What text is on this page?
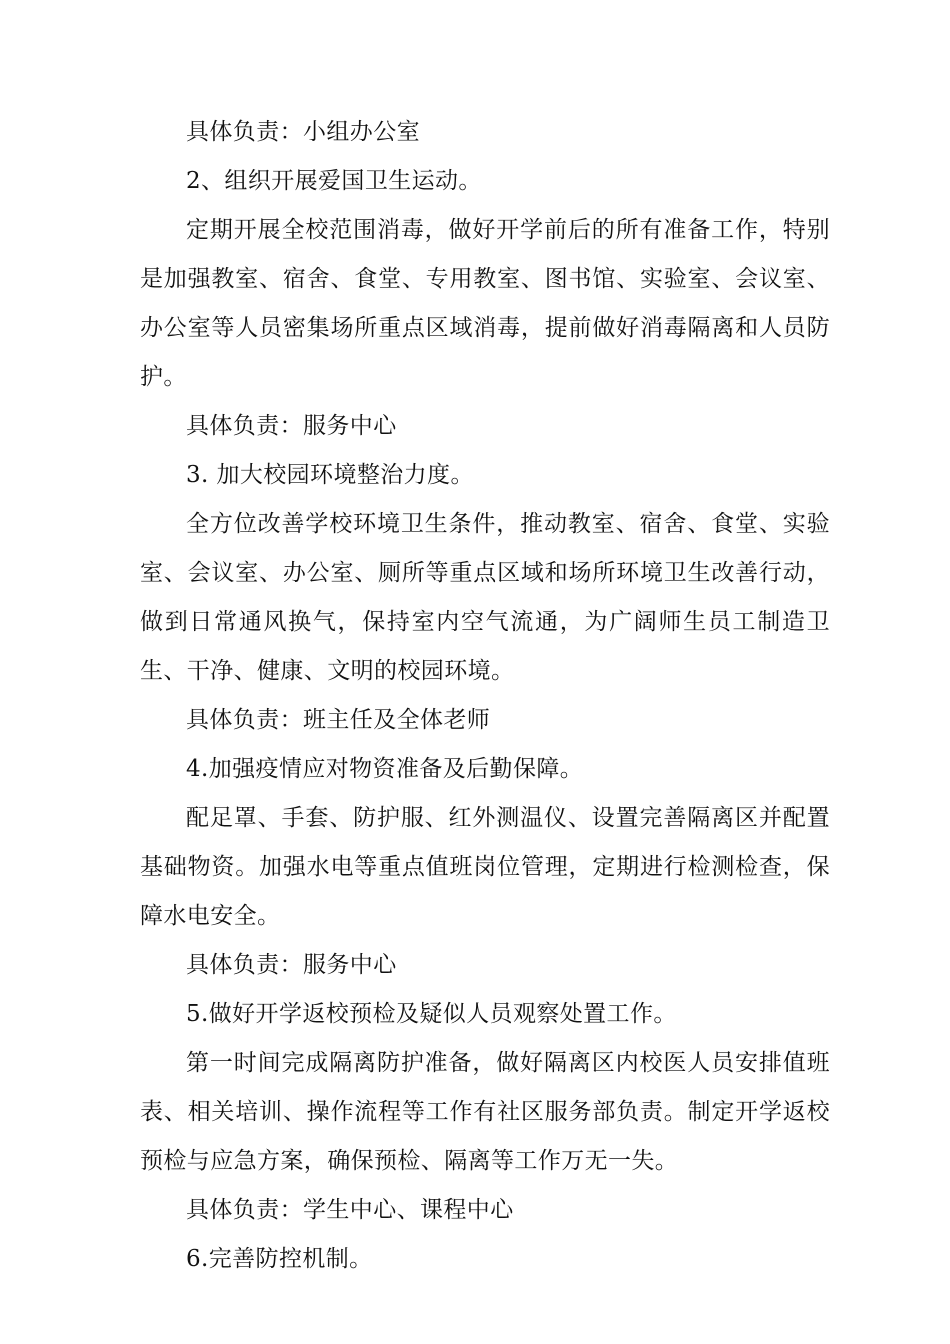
具体负责：小组办公室

2、组织开展爱国卫生运动。

定期开展全校范围消毒，做好开学前后的所有准备工作，特别是加强教室、宿舍、食堂、专用教室、图书馆、实验室、会议室、办公室等人员密集场所重点区域消毒，提前做好消毒隔离和人员防护。

具体负责：服务中心

3. 加大校园环境整治力度。

全方位改善学校环境卫生条件，推动教室、宿舍、食堂、实验室、会议室、办公室、厕所等重点区域和场所环境卫生改善行动，做到日常通风换气，保持室内空气流通，为广阔师生员工制造卫生、干净、健康、文明的校园环境。

具体负责：班主任及全体老师

4.加强疫情应对物资准备及后勤保障。

配足罩、手套、防护服、红外测温仪、设置完善隔离区并配置基础物资。加强水电等重点值班岗位管理，定期进行检测检查，保障水电安全。

具体负责：服务中心

5.做好开学返校预检及疑似人员观察处置工作。

第一时间完成隔离防护准备，做好隔离区内校医人员安排值班表、相关培训、操作流程等工作有社区服务部负责。制定开学返校预检与应急方案，确保预检、隔离等工作万无一失。

具体负责：学生中心、课程中心

6.完善防控机制。
